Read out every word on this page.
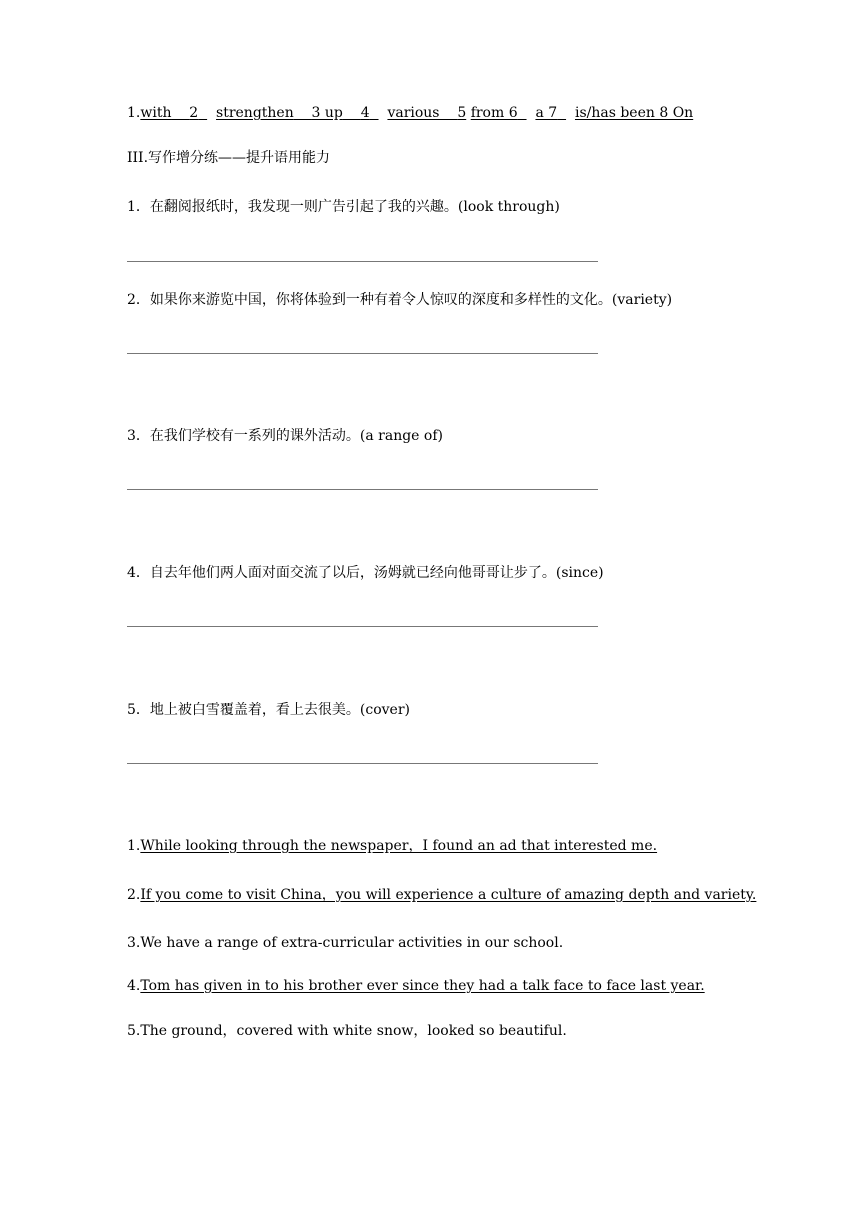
1.with 2 strengthen 3 up 4 various 5 from 6 a 7 is/has been 8 On
III.写作增分练——提升语用能力
1．在翻阅报纸时，我发现一则广告引起了我的兴趣。(look through)
2．如果你来游览中国，你将体验到一种有着令人惊叹的深度和多样性的文化。(variety)
3．在我们学校有一系列的课外活动。(a range of)
4．自去年他们两人面对面交流了以后，汤姆就已经向他哥哥让步了。(since)
5．地上被白雪覆盖着，看上去很美。(cover)
1.While looking through the newspaper，I found an ad that interested me.
2.If you come to visit China，you will experience a culture of amazing depth and variety.
3.We have a range of extra-curricular activities in our school.
4.Tom has given in to his brother ever since they had a talk face to face last year.
5.The ground，covered with white snow，looked so beautiful.
